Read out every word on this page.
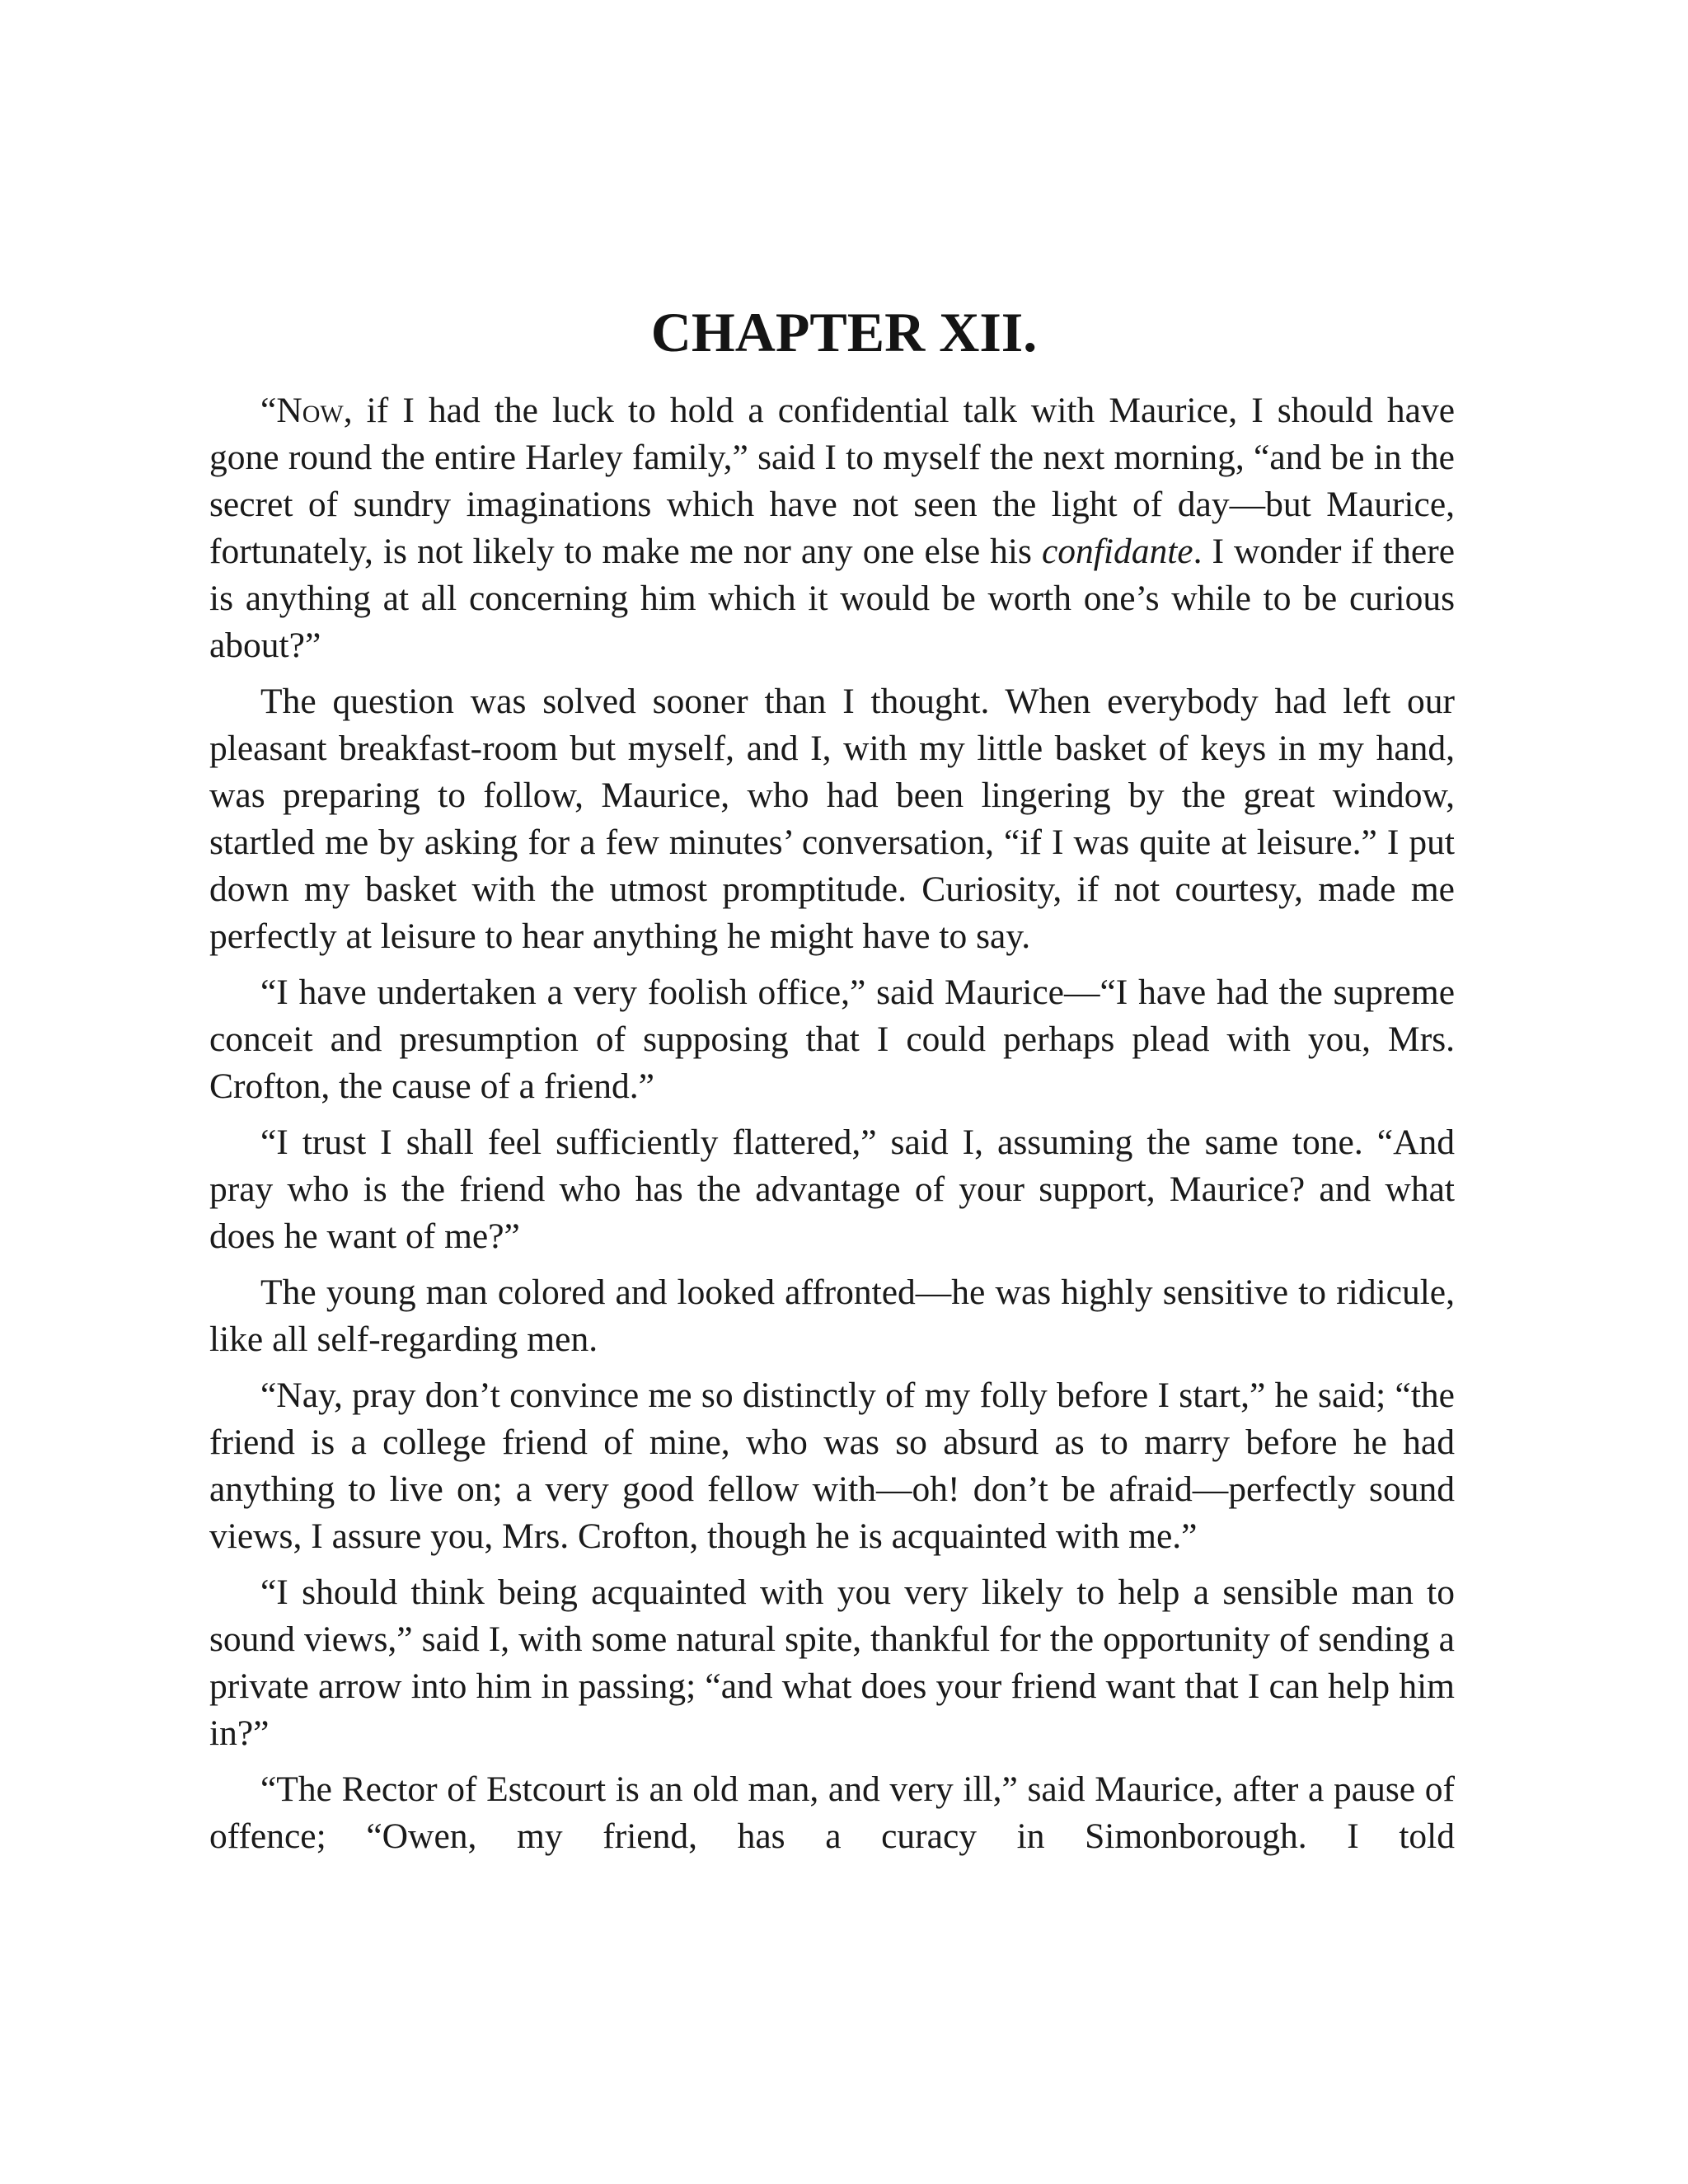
CHAPTER XII.

“Now, if I had the luck to hold a confidential talk with Maurice, I should have gone round the entire Harley family,” said I to myself the next morning, “and be in the secret of sundry imaginations which have not seen the light of day—but Maurice, fortunately, is not likely to make me nor any one else his confidante. I wonder if there is anything at all concerning him which it would be worth one’s while to be curious about?”

The question was solved sooner than I thought. When everybody had left our pleasant breakfast-room but myself, and I, with my little basket of keys in my hand, was preparing to follow, Maurice, who had been lingering by the great window, startled me by asking for a few minutes’ conversation, “if I was quite at leisure.” I put down my basket with the utmost promptitude. Curiosity, if not courtesy, made me perfectly at leisure to hear anything he might have to say.

“I have undertaken a very foolish office,” said Maurice—“I have had the supreme conceit and presumption of supposing that I could perhaps plead with you, Mrs. Crofton, the cause of a friend.”

“I trust I shall feel sufficiently flattered,” said I, assuming the same tone. “And pray who is the friend who has the advantage of your support, Maurice? and what does he want of me?”

The young man colored and looked affronted—he was highly sensitive to ridicule, like all self-regarding men.

“Nay, pray don’t convince me so distinctly of my folly before I start,” he said; “the friend is a college friend of mine, who was so absurd as to marry before he had anything to live on; a very good fellow with—oh! don’t be afraid—perfectly sound views, I assure you, Mrs. Crofton, though he is acquainted with me.”

“I should think being acquainted with you very likely to help a sensible man to sound views,” said I, with some natural spite, thankful for the opportunity of sending a private arrow into him in passing; “and what does your friend want that I can help him in?”

“The Rector of Estcourt is an old man, and very ill,” said Maurice, after a pause of offence; “Owen, my friend, has a curacy in Simonborough. I told
